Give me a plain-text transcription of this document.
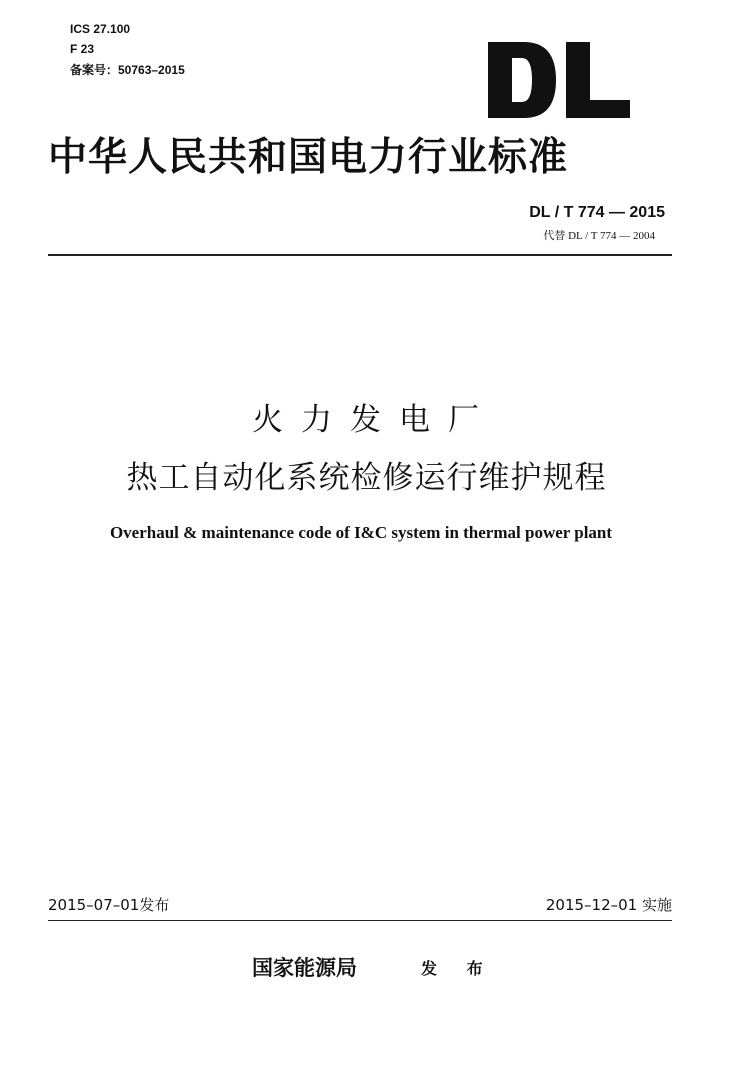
ICS 27.100
F 23
备案号：50763–2015
中华人民共和国电力行业标准
DL / T 774 — 2015
代替 DL / T 774 — 2004
火力发电厂
热工自动化系统检修运行维护规程
Overhaul & maintenance code of I&C system in thermal power plant
2015–07–01发布	2015–12–01 实施
国家能源局	发 布
